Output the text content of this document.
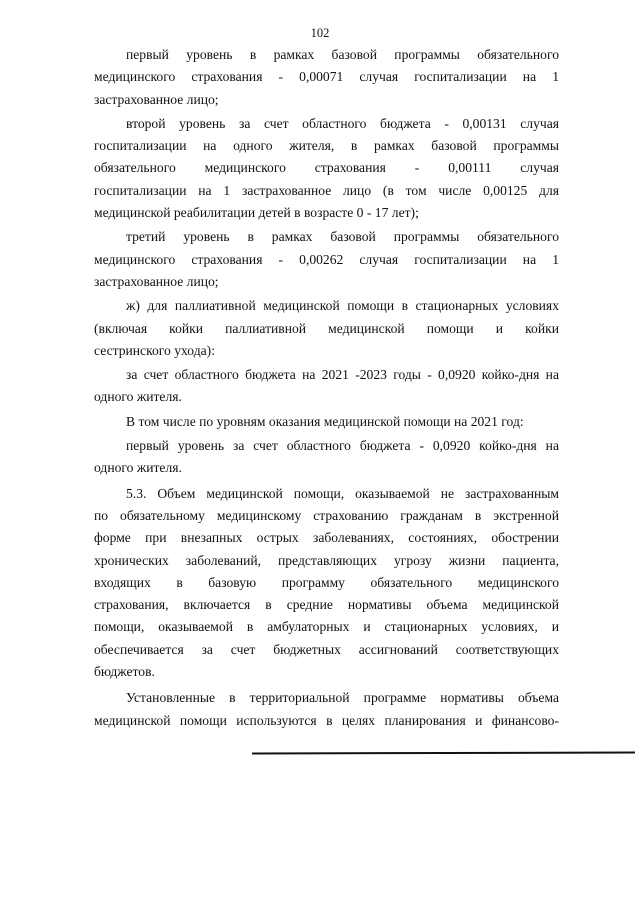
102

первый уровень в рамках базовой программы обязательного
медицинского страхования - 0,00071 случая госпитализации на 1
застрахованное лицо;

второй уровень за счет областного бюджета - 0,00131 случая
госпитализации на одного жителя, в рамках базовой программы
обязательного медицинского страхования - 0,00111 случая
госпитализации на 1 застрахованное лицо (в том числе 0,00125 для
медицинской реабилитации детей в возрасте 0 - 17 лет);

третий уровень в рамках базовой программы обязательного
медицинского страхования - 0,00262 случая госпитализации на 1
застрахованное лицо;

ж) для паллиативной медицинской помощи в стационарных условиях
(включая койки паллиативной медицинской помощи и койки
сестринского ухода):

за счет областного бюджета на 2021 -2023 годы - 0,0920 койко-дня на
одного жителя.

В том числе по уровням оказания медицинской помощи на 2021 год:

первый уровень за счет областного бюджета - 0,0920 койко-дня на
одного жителя.

5.3. Объем медицинской помощи, оказываемой не застрахованным
по обязательному медицинскому страхованию гражданам в экстренной
форме при внезапных острых заболеваниях, состояниях, обострении
хронических заболеваний, представляющих угрозу жизни пациента,
входящих в базовую программу обязательного медицинского
страхования, включается в средние нормативы объема медицинской
помощи, оказываемой в амбулаторных и стационарных условиях, и
обеспечивается за счет бюджетных ассигнований соответствующих
бюджетов.

Установленные в территориальной программе нормативы объема
медицинской помощи используются в целях планирования и финансово-
